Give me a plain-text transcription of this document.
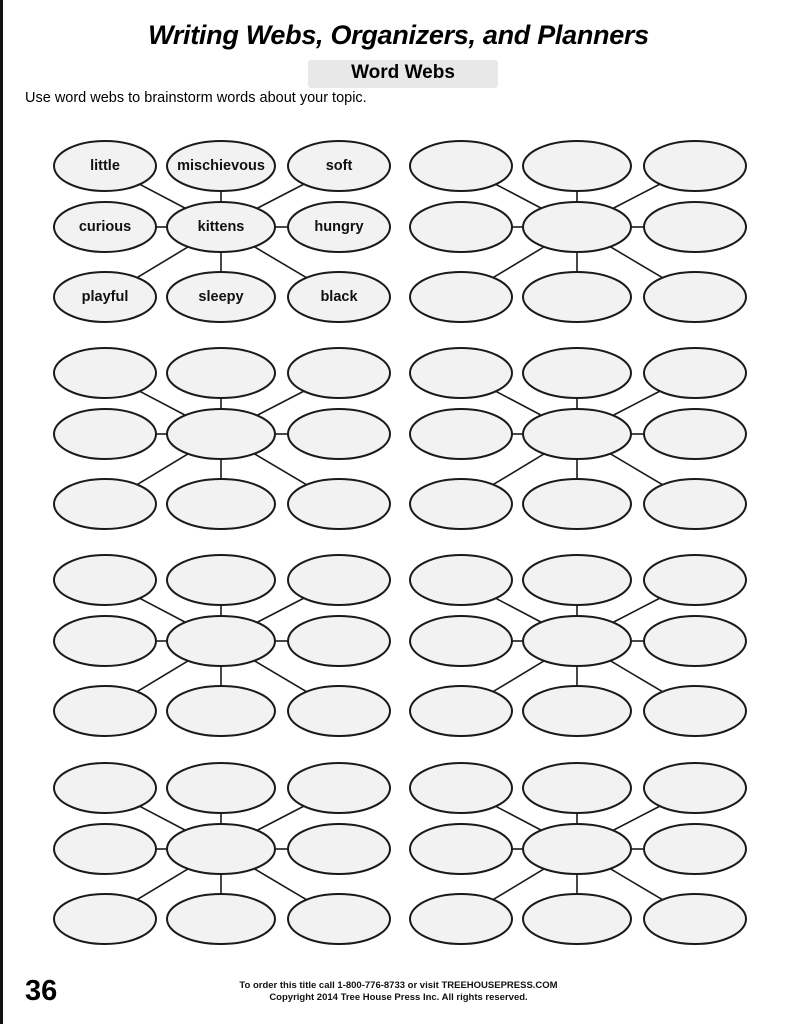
Writing Webs, Organizers, and Planners
Word Webs
Use word webs to brainstorm words about your topic.
little	mischievous	soft
curious	kittens	hungry
playful	sleepy	black
36	To order this title call 1-800-776-8733 or visit TREEHOUSEPRESS.COM
Copyright 2014 Tree House Press Inc. All rights reserved.
